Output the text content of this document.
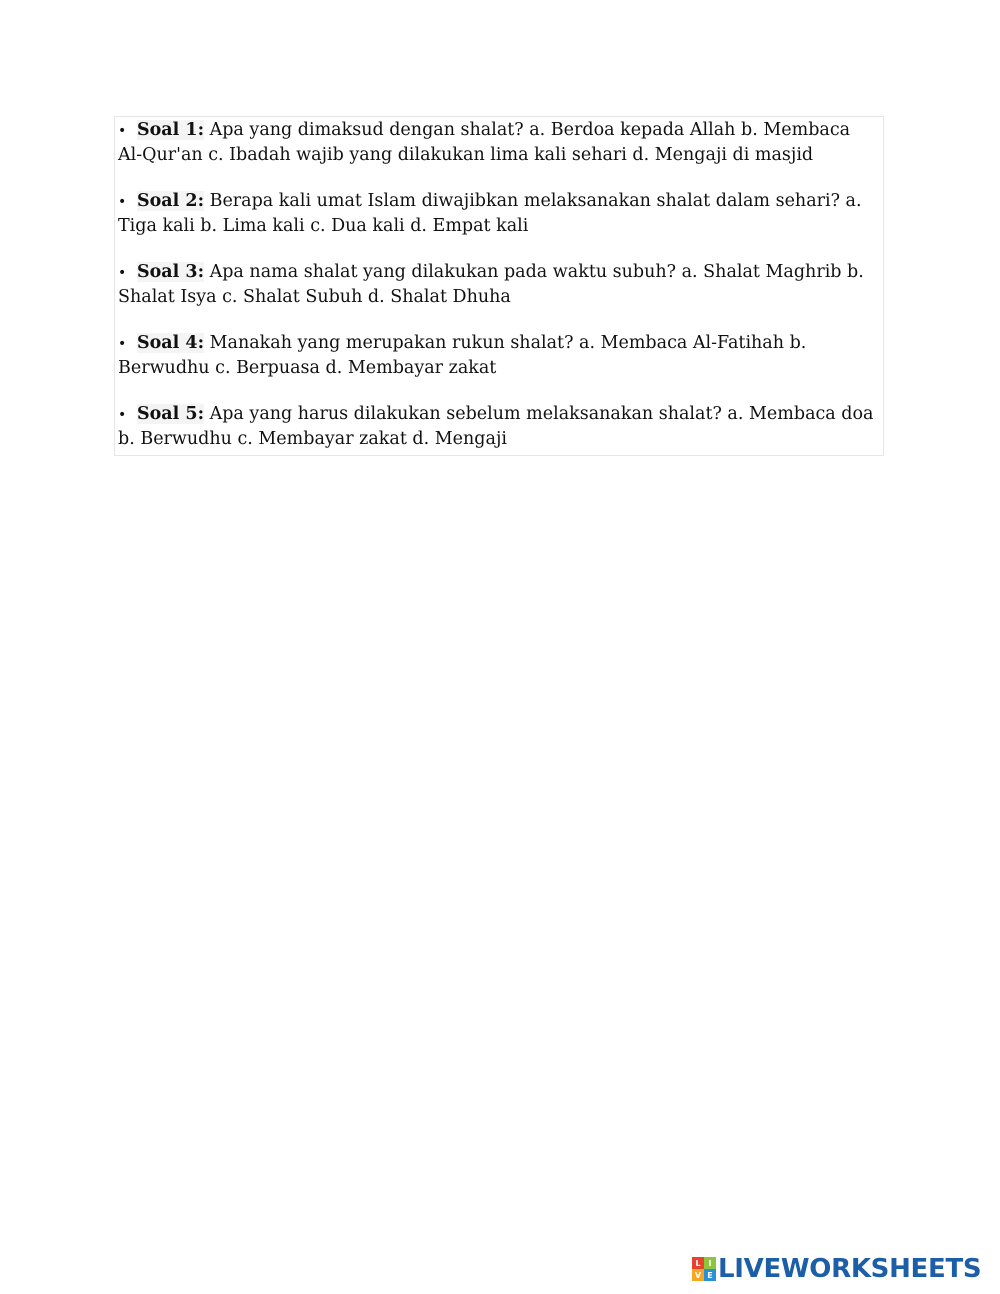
• Soal 1: Apa yang dimaksud dengan shalat? a. Berdoa kepada Allah b. Membaca Al-Qur'an c. Ibadah wajib yang dilakukan lima kali sehari d. Mengaji di masjid

• Soal 2: Berapa kali umat Islam diwajibkan melaksanakan shalat dalam sehari? a. Tiga kali b. Lima kali c. Dua kali d. Empat kali

• Soal 3: Apa nama shalat yang dilakukan pada waktu subuh? a. Shalat Maghrib b. Shalat Isya c. Shalat Subuh d. Shalat Dhuha

• Soal 4: Manakah yang merupakan rukun shalat? a. Membaca Al-Fatihah b. Berwudhu c. Berpuasa d. Membayar zakat

• Soal 5: Apa yang harus dilakukan sebelum melaksanakan shalat? a. Membaca doa b. Berwudhu c. Membayar zakat d. Mengaji

L I
V E LIVEWORKSHEETS
